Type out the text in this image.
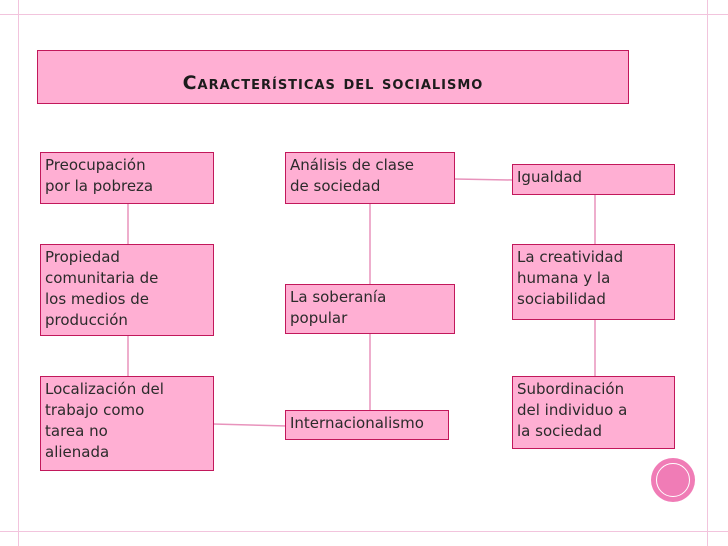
Características del socialismo
Preocupación
por la pobreza
Análisis de clase
de sociedad	Igualdad
Propiedad
comunitaria de
los medios de
producción
La soberanía
popular
La creatividad
humana y la
sociabilidad
Localización del
trabajo como
tarea no
alienada
Internacionalismo
Subordinación
del individuo a
la sociedad
